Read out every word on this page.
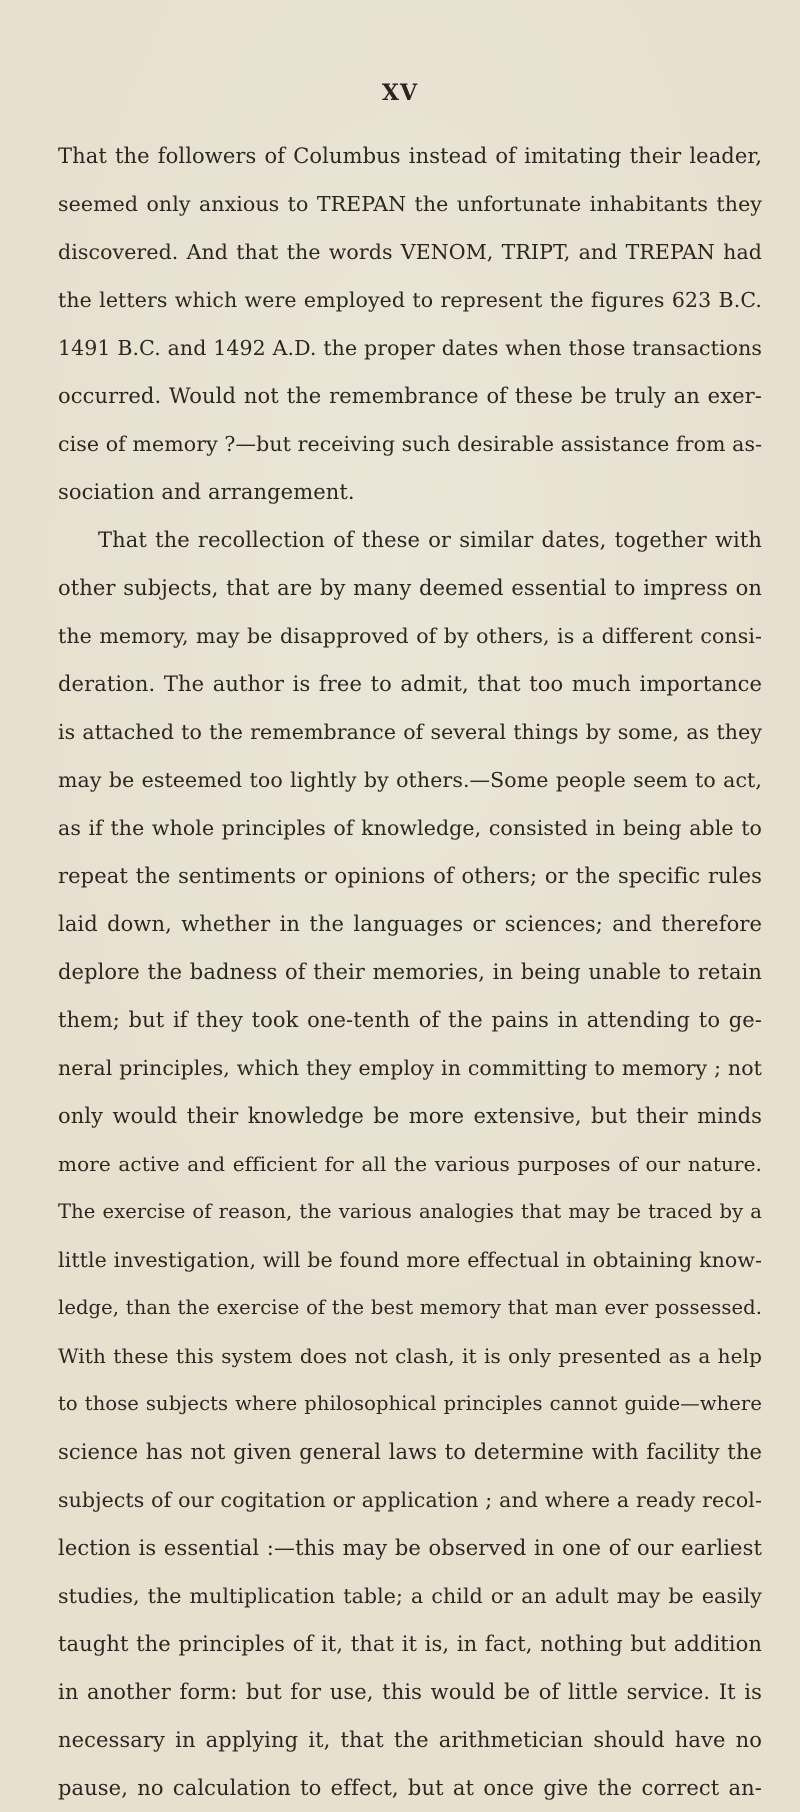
XV
That the followers of Columbus instead of imitating their leader,
seemed only anxious to TREPAN the unfortunate inhabitants they
discovered. And that the words VENOM, TRIPT, and TREPAN had
the letters which were employed to represent the figures 623 B.C.
1491 B.C. and 1492 A.D. the proper dates when those transactions
occurred. Would not the remembrance of these be truly an exer-
cise of memory ?—but receiving such desirable assistance from as-
sociation and arrangement.
That the recollection of these or similar dates, together with
other subjects, that are by many deemed essential to impress on
the memory, may be disapproved of by others, is a different consi-
deration. The author is free to admit, that too much importance
is attached to the remembrance of several things by some, as they
may be esteemed too lightly by others.—Some people seem to act,
as if the whole principles of knowledge, consisted in being able to
repeat the sentiments or opinions of others; or the specific rules
laid down, whether in the languages or sciences; and therefore
deplore the badness of their memories, in being unable to retain
them; but if they took one-tenth of the pains in attending to ge-
neral principles, which they employ in committing to memory ; not
only would their knowledge be more extensive, but their minds
more active and efficient for all the various purposes of our nature.
The exercise of reason, the various analogies that may be traced by a
little investigation, will be found more effectual in obtaining know-
ledge, than the exercise of the best memory that man ever possessed.
With these this system does not clash, it is only presented as a help
to those subjects where philosophical principles cannot guide—where
science has not given general laws to determine with facility the
subjects of our cogitation or application ; and where a ready recol-
lection is essential :—this may be observed in one of our earliest
studies, the multiplication table; a child or an adult may be easily
taught the principles of it, that it is, in fact, nothing but addition
in another form: but for use, this would be of little service. It is
necessary in applying it, that the arithmetician should have no
pause, no calculation to effect, but at once give the correct an-
